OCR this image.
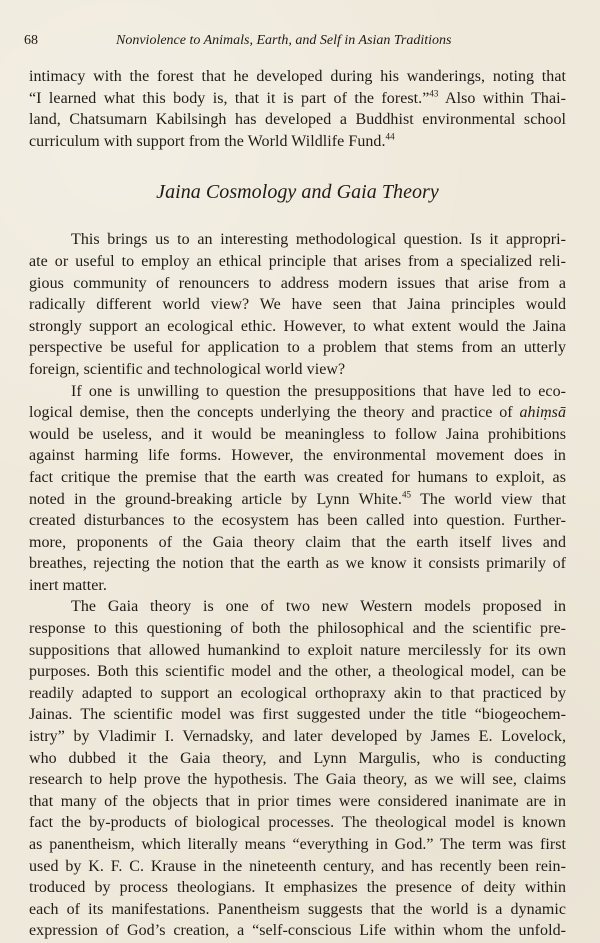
68	Nonviolence to Animals, Earth, and Self in Asian Traditions
intimacy with the forest that he developed during his wanderings, noting that
“I learned what this body is, that it is part of the forest.”$^{43}$ Also within Thai-
land, Chatsumarn Kabilsingh has developed a Buddhist environmental school
curriculum with support from the World Wildlife Fund.$^{44}$
Jaina Cosmology and Gaia Theory
This brings us to an interesting methodological question. Is it appropri-
ate or useful to employ an ethical principle that arises from a specialized reli-
gious community of renouncers to address modern issues that arise from a
radically different world view? We have seen that Jaina principles would
strongly support an ecological ethic. However, to what extent would the Jaina
perspective be useful for application to a problem that stems from an utterly
foreign, scientific and technological world view?
If one is unwilling to question the presuppositions that have led to eco-
logical demise, then the concepts underlying the theory and practice of ahiṃsā
would be useless, and it would be meaningless to follow Jaina prohibitions
against harming life forms. However, the environmental movement does in
fact critique the premise that the earth was created for humans to exploit, as
noted in the ground-breaking article by Lynn White.$^{45}$ The world view that
created disturbances to the ecosystem has been called into question. Further-
more, proponents of the Gaia theory claim that the earth itself lives and
breathes, rejecting the notion that the earth as we know it consists primarily of
inert matter.
The Gaia theory is one of two new Western models proposed in
response to this questioning of both the philosophical and the scientific pre-
suppositions that allowed humankind to exploit nature mercilessly for its own
purposes. Both this scientific model and the other, a theological model, can be
readily adapted to support an ecological orthopraxy akin to that practiced by
Jainas. The scientific model was first suggested under the title “biogeochem-
istry” by Vladimir I. Vernadsky, and later developed by James E. Lovelock,
who dubbed it the Gaia theory, and Lynn Margulis, who is conducting
research to help prove the hypothesis. The Gaia theory, as we will see, claims
that many of the objects that in prior times were considered inanimate are in
fact the by-products of biological processes. The theological model is known
as panentheism, which literally means “everything in God.” The term was first
used by K. F. C. Krause in the nineteenth century, and has recently been rein-
troduced by process theologians. It emphasizes the presence of deity within
each of its manifestations. Panentheism suggests that the world is a dynamic
expression of God’s creation, a “self-conscious Life within whom the unfold-
